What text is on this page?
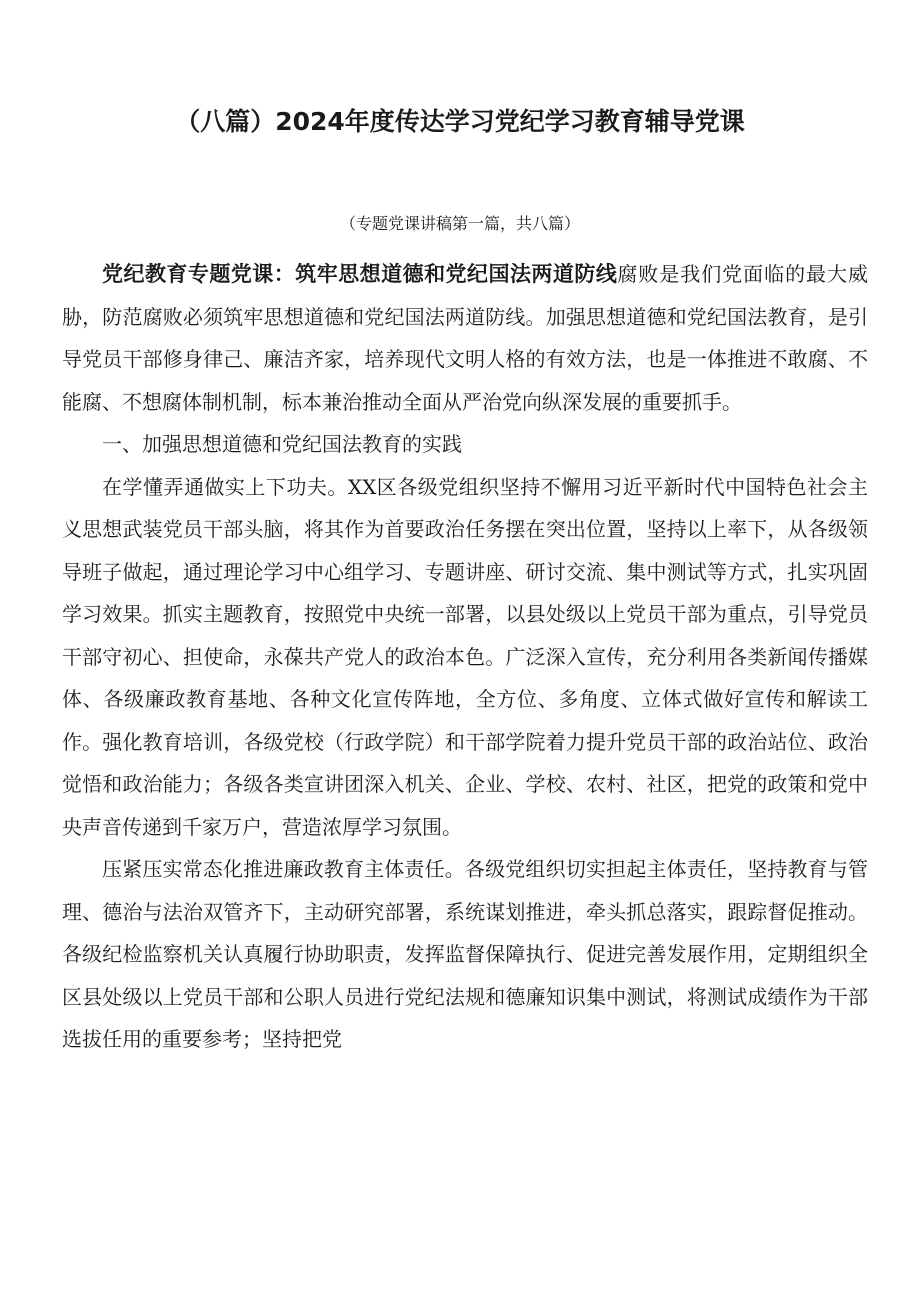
（八篇）2024年度传达学习党纪学习教育辅导党课
（专题党课讲稿第一篇，共八篇）

党纪教育专题党课：筑牢思想道德和党纪国法两道防线腐败是我们党面临的最大威胁，防范腐败必须筑牢思想道德和党纪国法两道防线。加强思想道德和党纪国法教育，是引导党员干部修身律己、廉洁齐家，培养现代文明人格的有效方法，也是一体推进不敢腐、不能腐、不想腐体制机制，标本兼治推动全面从严治党向纵深发展的重要抓手。

一、加强思想道德和党纪国法教育的实践

在学懂弄通做实上下功夫。XX区各级党组织坚持不懈用习近平新时代中国特色社会主义思想武装党员干部头脑，将其作为首要政治任务摆在突出位置，坚持以上率下，从各级领导班子做起，通过理论学习中心组学习、专题讲座、研讨交流、集中测试等方式，扎实巩固学习效果。抓实主题教育，按照党中央统一部署，以县处级以上党员干部为重点，引导党员干部守初心、担使命，永葆共产党人的政治本色。广泛深入宣传，充分利用各类新闻传播媒体、各级廉政教育基地、各种文化宣传阵地，全方位、多角度、立体式做好宣传和解读工作。强化教育培训，各级党校（行政学院）和干部学院着力提升党员干部的政治站位、政治觉悟和政治能力；各级各类宣讲团深入机关、企业、学校、农村、社区，把党的政策和党中央声音传递到千家万户，营造浓厚学习氛围。

压紧压实常态化推进廉政教育主体责任。各级党组织切实担起主体责任，坚持教育与管理、德治与法治双管齐下，主动研究部署，系统谋划推进，牵头抓总落实，跟踪督促推动。各级纪检监察机关认真履行协助职责，发挥监督保障执行、促进完善发展作用，定期组织全区县处级以上党员干部和公职人员进行党纪法规和德廉知识集中测试，将测试成绩作为干部选拔任用的重要参考；坚持把党
